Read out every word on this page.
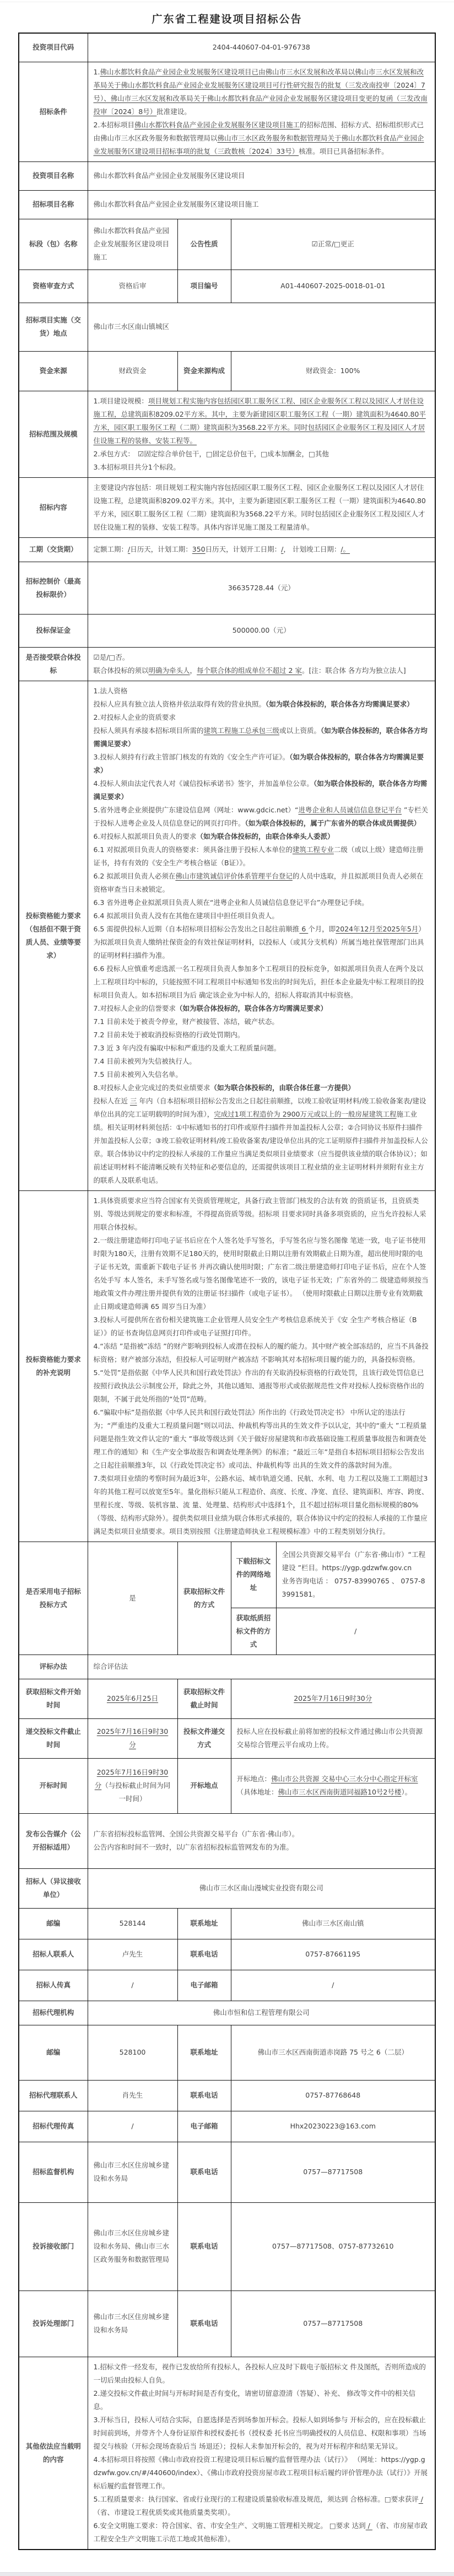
广东省工程建设项目招标公告
投资项目代码	2404-440607-04-01-976738			
招标条件	1.佛山水都饮料食品产业园企业发展服务区建设项目已由佛山市三水区发展和改革局以佛山市三水区发展和改革局关于佛山水都饮料食品产业园企业发展服务区建设项目可行性研究报告的批复（三发改南投审〔2024〕7号）、佛山市三水区发展和改革局关于佛山水都饮料食品产业园企业发展服务区建设项目变更的复函（三发改南投审〔2024〕8号）批准建设。
2.本招标项目佛山水都饮料食品产业园企业发展服务区建设项目施工的招标范围、招标方式、招标组织形式已由佛山市三水区政务服务和数据管理局以佛山市三水区政务服务和数据管理局关于佛山水都饮料食品产业园企业发展服务区建设项目招标事项的批复（三政数核〔2024〕33号）核准。项目已具备招标条件。			

投资项目名称	佛山水都饮料食品产业园企业发展服务区建设项目			
招标项目名称	佛山水都饮料食品产业园企业发展服务区建设项目施工			
标段（包）名称	佛山水都饮料食品产业园企业发展服务区建设项目施工	公告性质	☑正常/□更正	
资格审查方式	资格后审	项目编号	A01-440607-2025-0018-01-01	
招标项目实施（交货）地点	佛山市三水区南山镇城区			
资金来源	财政资金	资金来源构成	财政资金：100%	
招标范围及规模	1.项目建设规模：项目规划工程实施内容包括园区职工服务区工程、园区企业服务区工程以及园区人才居住设施工程，总建筑面积8209.02平方米。其中，主要为新建园区职工服务区工程（一期）建筑面积为4640.80平方米，园区职工服务区工程（二期）建筑面积为3568.22平方米。同时包括园区企业服务区工程及园区人才居住设施工程的装修、安装工程等。
2.承包方式：　☑固定综合单价包干，□固定总价包干，□成本加酬金，□其他
3.本招标项目共分1个标段。			

招标内容	主要建设内容包括：项目规划工程实施内容包括园区职工服务区工程、园区企业服务区工程以及园区人才居住设施工程，总建筑面积8209.02平方米。其中，主要为新建园区职工服务区工程（一期）建筑面积为4640.80平方米，园区职工服务区工程（二期）建筑面积为3568.22平方米。同时包括园区企业服务区工程及园区人才居住设施工程的装修、安装工程等。具体内容详见施工图及工程量清单。			

工期（交货期）	定额工期：/日历天，计划工期：350日历天，计划开工日期：/， 计划竣工日期：/。			
招标控制价（最高投标限价）	36635728.44（元）			
投标保证金	500000.00（元）			
是否接受联合体投标	☑是/□否。
联合体投标的须以明确为牵头人，每个联合体的组成单位不超过 2 家。[注：联合体 各方均为独立法人]			

投标资格能力要求（包括但不限于资质人员、业绩等要求）	
1.法人资格
投标人应具有独立法人资格并依法取得有效的营业执照。（如为联合体投标的，联合体各方均需满足要求）
2.对投标人企业的资质要求
投标人须具有承接本招标项目所需的建筑工程施工总承包三级或以上资质。（如为联合体投标的，联合体各方均需满足要求）
3.投标人须持有行政主管部门核发的有效的《安全生产许可证》。（如为联合体投标的，联合体各方均需满足要求）
4.投标人须由法定代表人对《诚信投标承诺书》签字，并加盖单位公章。（如为联合体投标的，联合体各方均需满足要求）
5.省外进粤企业须提供广东建设信息网（网址：www.gdcic.net）“进粤企业和人员诚信信息登记平台 ”专栏关于投标人进粤企业及人员信息登记的网页打印件。（如为联合体投标的，属于广东省外的联合体成员需提供）
6.对投标人拟派项目负责人的要求（如为联合体投标的，由联合体牵头人委派）
6.1 对拟派项目负责人的资格要求：须具备注册于投标人本单位的建筑工程专业二级（或以上级）建造师注册证书，持有有效的《安全生产考核合格证（B证）》。
6.2 拟派项目负责人必须在佛山市建筑诚信评价体系管理平台登记的人员中选取，并且拟派项目负责人必须在资格审查当日未被锁定。
6.3 省外进粤企业拟派项目负责人须在“进粤企业和人员诚信信息登记平台”办理登记手续。
6.4 拟派项目负责人没有在其他在建项目中担任项目负责人。
6.5 需提供投标人近期（自本招标项目招标公告发出之日起往前顺推 6 个月，即2024年12月至2025年5月）为拟派项目负责人缴纳社保资金的有效社保证明材料，以投标人（或其分支机构）所属当地社保管理部门出具的证明材料扫描件为准。
6.6 投标人应慎重考虑选派一名工程项目负责人参加多个工程项目的投标竞争，如拟派项目负责人在两个及以上工程项目均中标的，只能按照不同工程项目中标通知书发出的时间先后，担任本企业最先中标工程项目的投标项目负责人。如本招标项目为后 确定该企业为中标人的，招标人将取消其中标资格。
7.对投标人企业的信誉要求（如为联合体投标的，联合体各方均需满足要求）
7.1 目前未处于被责令停业，财产被接管、冻结，破产状态。
7.2 目前未处于被取消投标资格的行政处罚期内。
7.3 近 3 年内没有骗取中标和严重违约及重大工程质量问题。
7.4 目前未被列为失信被执行人。
7.5 目前未被列入失信名单。
8.对投标人企业完成过的类似业绩要求（如为联合体投标的，由联合体任意一方提供）
投标人在近 三 年内（自本招标项目招标公告发出之日起往前顺推，以竣工验收证明材料/竣工验收备案表/建设单位出具的完工证明载明的时间为准），完成过1项工程造价为 2900万元或以上的一般房屋建筑工程施工业绩。相关证明材料须包括：①中标通知书的打印件或原件扫描件并加盖投标人公章；②合同协议书原件扫描件并加盖投标人公章；③竣工验收证明材料/竣工验收备案表/建设单位出具的完工证明原件扫描件并加盖投标人公章。联合体协议中约定的投标人承接的工作量应当满足类似项目业绩要求（应当提供该业绩的联合体协议）；如前述证明材料不能清晰反映有关特征和必要信息的，还需提供该项目工程业绩的业主证明材料并须附有业主方的联系人及联系电话。

投标资格能力要求的补充说明	
1.具体资质要求应当符合国家有关资质管理规定，具备行政主管部门核发的合法有效 的资质证书，且资质类别、等级达到规定的要求和标准，不得提高资质等级。招标项 目要求同时具备多项资质的，应当允许投标人采用联合体投标。
2.一级注册建造师打印电子证书后应在个人签名处手写签名，手写签名应与签名图像 笔迹一致，电子证书使用时限为180天，注册有效期不足180天的，使用时限截止日期以注册有效期截止日期为准，超出使用时限的电子证书无效，需重新下载电子证书 并再次确认使用时限；广东省二级注册建造师打印电子证书后，应在个人签名处手写 本人签名，未手写签名或与签名图像笔迹不一致的，该电子证书无效；广东省外的二 级建造师须按当地政策文件办理注册并提供有效的注册证书扫描件（或电子证书）。 （使用时限截止日期以注册专业有效期截止日期或建造师满 65 周岁当日为准）
3.投标人可提供所在省份相关建筑施工企业管理人员安全生产考核信息系统关于《安 全生产考核合格证（B证）》的证书查询信息网页打印件或电子证照打印件。
4.“冻结 ”是指被“冻结 ”的财产影响到投标人或潜在投标人的履约能力。其中财产被全部冻结的，应当不具备投标资格；财产被部分冻结，但投标人可证明财产被冻结 不影响其对本招标项目履约能力的，具备投标资格。
5.“处罚”是指依据《中华人民共和国行政处罚法》作出的有关取消投标资格的行政处罚，且该行政处罚信息已按照行政执法公示制度公开，除此之外，其他以通知、通报等形式或依据规范性文件对投标人投标资格作出的限制，不属于此处所指的“处罚”范畴。
6.“骗取中标”是指依据《中华人民共和国行政处罚法》所作出的《行政处罚决定书》 中所认定的违法行为；“严重违约及重大工程质量问题”则以司法、仲裁机构等出具的生效文件予以认定，其中的“重大 ”工程质量问题是指生效文件认定的“重大 ”事故等级达到《关于做好房屋建筑和市政基础设施工程质量事故报告和调查处理工作的通知》和《生产安全事故报告和调查处理条例》的标准；“最近三年”是指自本招标项目招标公告发出之日起往前顺推3年，以《行政处罚决定书》或司法、仲裁机构等 出具的生效文件的落款时间为准。
7.类似项目业绩的考察时间为最近3年，公路水运、城市轨道交通、民航、水利、电 力工程以及施工工期超过3年的其他工程可以放宽至5年。量化指标只能从工程造价、高度、长度、净宽、直径、建筑面积、库容、跨度、里程长度、等级、装机容量、流 量、处理量、结构形式中选择1个，且不超过招标项目量化指标规模的80%（等级、结构形式除外）。提供类似项目业绩为联合体形式承接的，联合体协议中约定的投标人承接的工作量应满足类似项目业绩要求。项目类别按照《注册建造师执业工程规模标准》中的工程类别划分执行。

是否采用电子招标投标方式	是	获取招标文件的方式	下载招标文件的网络地址	全国公共资源交易平台（广东省·佛山市）“工程建设 ”栏目。https://ygp.gdzwfw.gov.cn
业务咨询电话 ： 0757-83990765 、 0757-83991581。

			获取纸质招标文件的方式	/
评标办法	综合评估法			
获取招标文件开始时间	2025年6月25日	获取招标文件截止时间	2025年7月16日9时30分	
递交投标文件截止时间	2025年7月16日9时30分	投标文件递交方式	投标人应在投标截止前将加密的投标文件通过佛山市公共资源交易综合管理云平台成功上传。	
开标时间	2025年7月16日9时30分（与投标截止时间为同一时间）	开标地点	开标地点：佛山市公共资源 交易中心三水分中心指定开标室（具体地址：佛山市三水区西南街道同福路10号2号楼）。	
发布公告媒介（公开招标适用）	广东省招标投标监管网、全国公共资源交易平台（广东省·佛山市）。
公告内容和时间不一致时，以广东省招标投标监管网发布的为准。			

招标人（异议接收单位）	佛山市三水区南山漫城实业投资有限公司			
邮编	528144	联系地址	佛山市三水区南山镇	
招标人联系人	卢先生	联系电话	0757-87661195	
招标人传真	/	电子邮箱	/	
招标代理机构	佛山市恒和信工程管理有限公司			
邮编	528100	联系地址	佛山市三水区西南街道赤岗路 75 号之 6（二层）	
招标代理联系人	肖先生	联系电话	0757-87768648	
招标代理传真	/	电子邮箱	Hhx20230223@163.com	
招标监督机构	佛山市三水区住房城乡建设和水务局	联系电话	0757—87717508	
投诉接收部门	佛山市三水区住房城乡建设和水务局、佛山市三水区政务服务和数据管理局	联系电话	0757—87717508、0757-87732610	
投诉处理部门	佛山市三水区住房城乡建设和水务局	联系电话	0757—87717508	
其他依法应当载明的内容	
1.招标文件一经发布，视作已发放给所有投标人，各投标人应及时下载电子版招标文 件及图纸，否则所造成的一切后果由投标人自负。
2.递交投标文件截止时间与开标时间是否有变化，请密切留意澄清（答疑）、补充、 修改等文件中的相关信息。
3.开标当日，投标人可结合实际，自愿选择是否到场参加开标会。投标人如到场参与 开标会的，应在投标截止时间前到场，并带齐个人身份证原件和授权委托书（授权委 托书应当明确授权的人员信息、权限和事项）当场提交与核验（开标会现场查验后当 场退还）；投标人未参加开标会的，视为对开标程序和结果无异议。
4.本招标项目将按照《佛山市政府投资工程建设项目标后履约监督管理办法（试行）》 （网址：https://ygp.gdzwfw.gov.cn/#/440600/index）、《佛山市政府投资房屋市政工程项目标后履约评价管理办法（试行）》开展标后履约监督管理工作。
5.工程质量要求：执行国家、省或行业现行的工程建设质量验收标准及规范，须达到 合格标准。□要求获评 / （省、市建设工程优质奖或其他质量类奖项）。
6.安全文明施工要求：符合国家、省、市安全生产、文明施工管理相关规定。 □要求 达到 / （省、市房屋市政工程安全生产文明施工示范工地或其他标准）。
